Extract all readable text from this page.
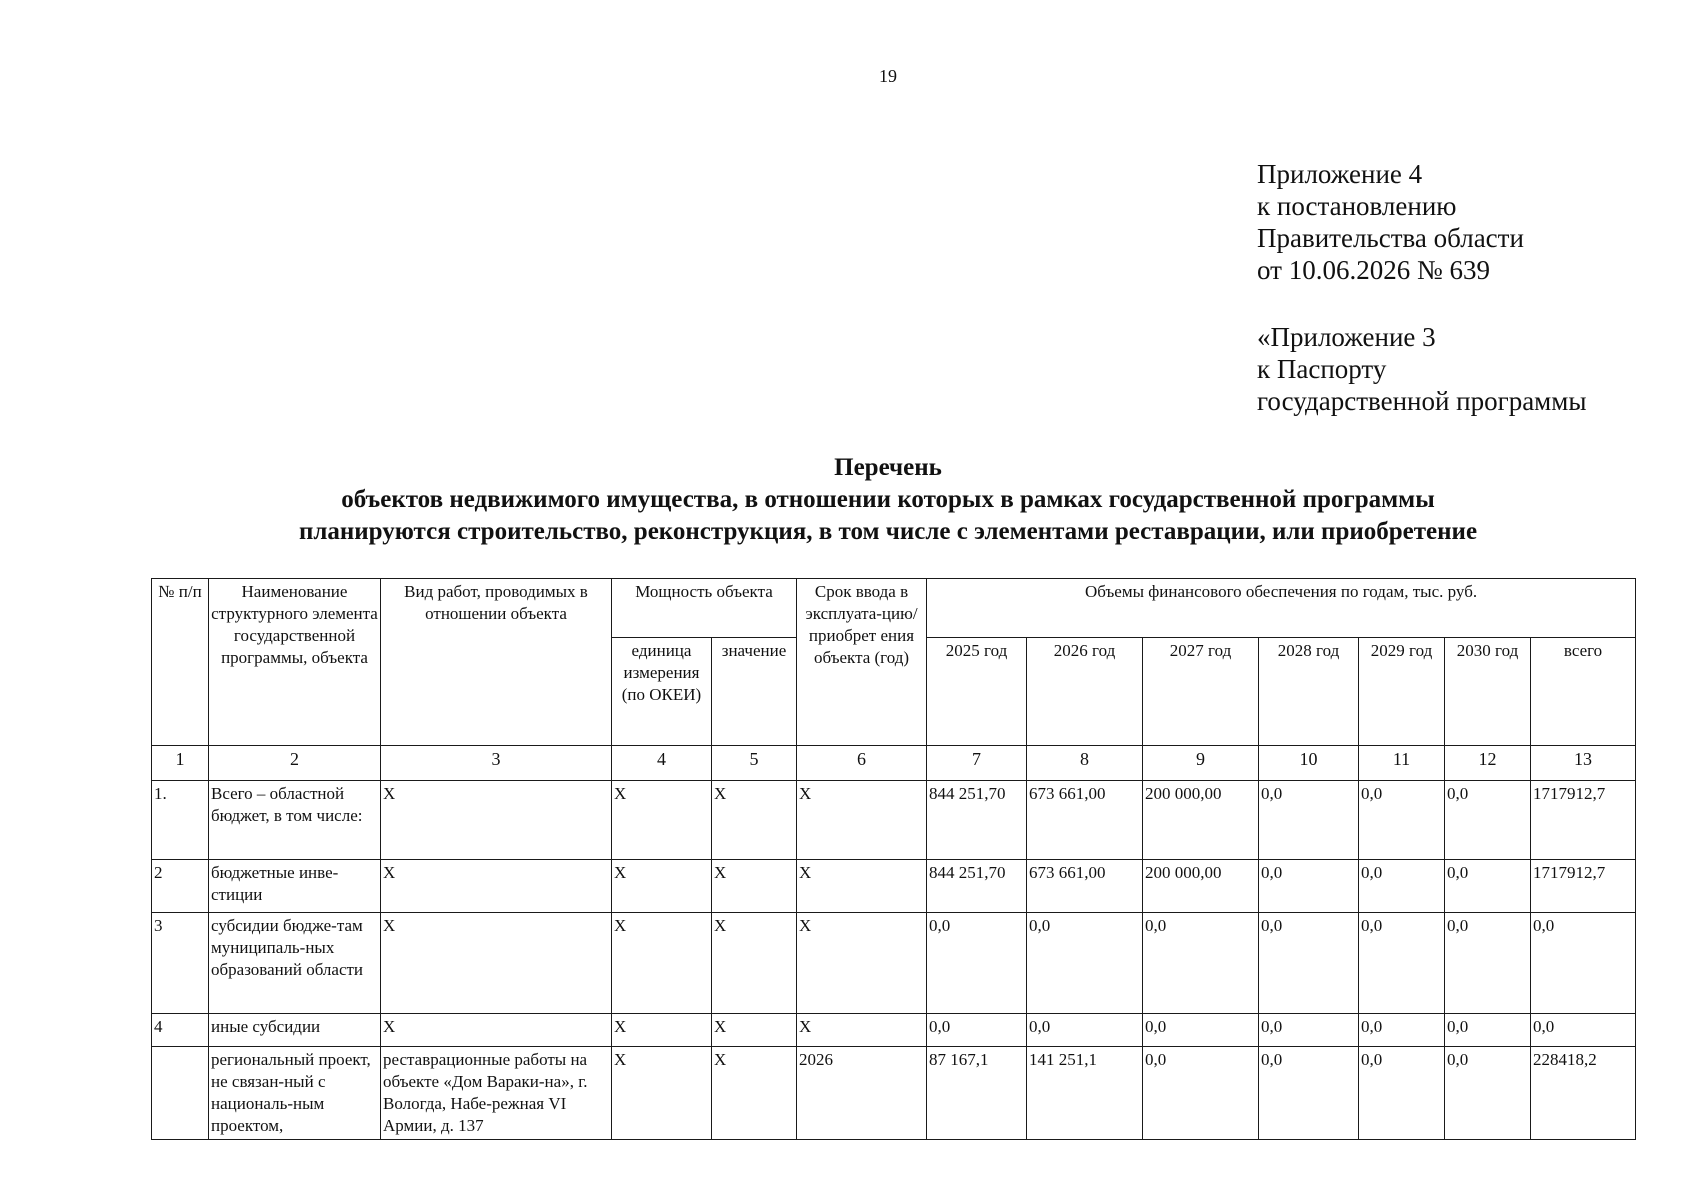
19
Приложение 4
к постановлению
Правительства области
от 10.06.2026 № 639
«Приложение 3
к Паспорту
государственной программы
Перечень
объектов недвижимого имущества, в отношении которых в рамках государственной программы
планируются строительство, реконструкция, в том числе с элементами реставрации, или приобретение
№ п/п	Наименование структурного элемента государственной программы, объекта	Вид работ, проводимых в отношении объекта	Мощность объекта		Срок ввода в эксплуата-цию/приобрет ения объекта (год)	Объемы финансового обеспечения по годам, тыс. руб.						
			единица измерения (по ОКЕИ)	значение		2025 год	2026 год	2027 год	2028 год	2029 год	2030 год	всего
1	2	3	4	5	6	7	8	9	10	11	12	13
1.	Всего – областной бюджет, в том числе:	X	X	X	X	844 251,70	673 661,00	200 000,00	0,0	0,0	0,0	1717912,7
2	бюджетные инве-стиции	X	X	X	X	844 251,70	673 661,00	200 000,00	0,0	0,0	0,0	1717912,7
3	субсидии бюдже-там муниципаль-ных образований области	X	X	X	X	0,0	0,0	0,0	0,0	0,0	0,0	0,0
4	иные субсидии	X	X	X	X	0,0	0,0	0,0	0,0	0,0	0,0	0,0
	региональный проект, не связан-ный с националь-ным проектом,	реставрационные работы на объекте «Дом Вараки-на», г. Вологда, Набе-режная VI Армии, д. 137	X	X	2026	87 167,1	141 251,1	0,0	0,0	0,0	0,0	228418,2
